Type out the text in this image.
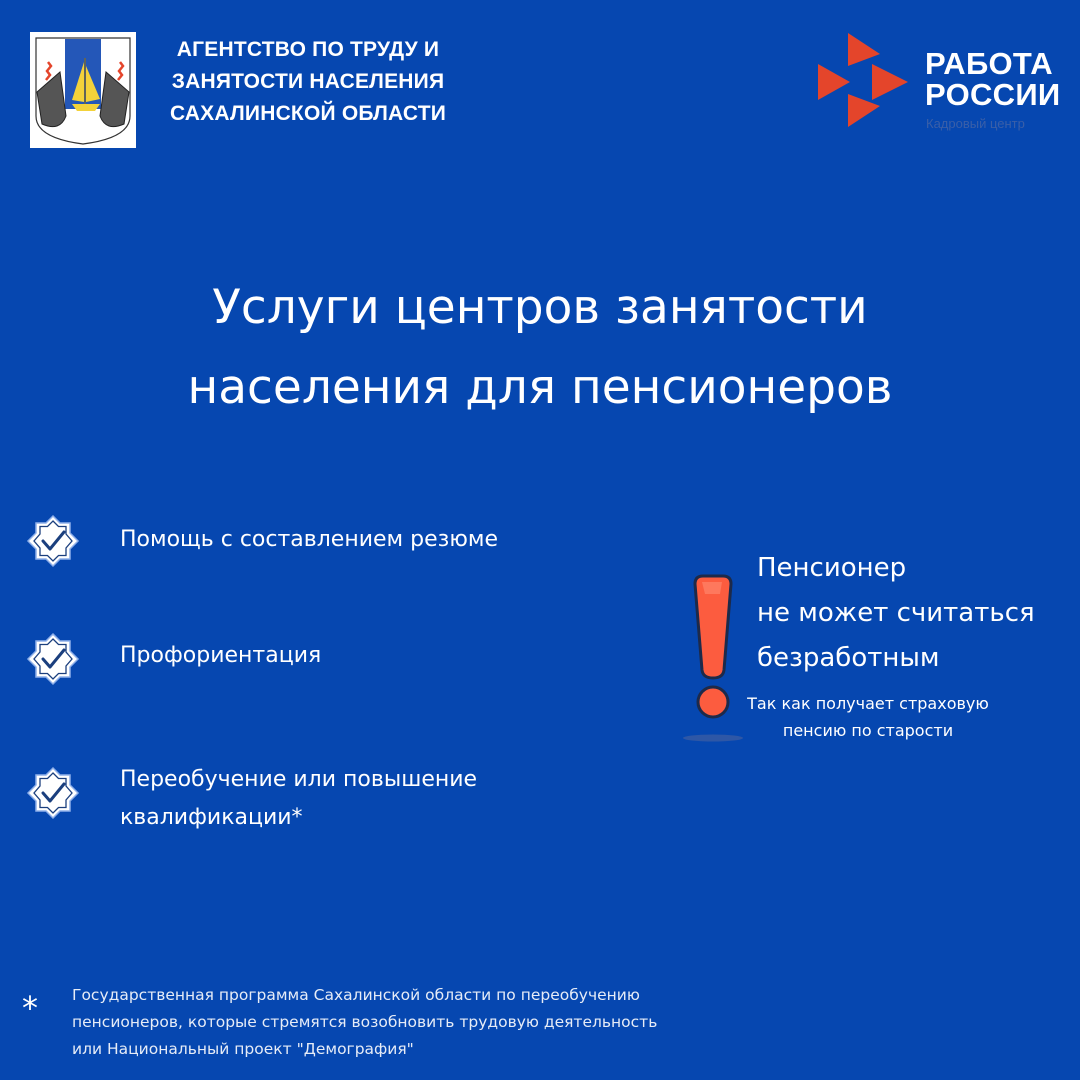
АГЕНТСТВО ПО ТРУДУ И
ЗАНЯТОСТИ НАСЕЛЕНИЯ
САХАЛИНСКОЙ ОБЛАСТИ
РАБОТА
РОССИИ
Кадровый центр
Услуги центров занятости
населения для пенсионеров
Помощь с составлением резюме
Профориентация
Переобучение или повышение
квалификации*
Пенсионер
не может считаться
безработным
Так как получает страховую
пенсию по старости
* Государственная программа Сахалинской области по переобучению
пенсионеров, которые стремятся возобновить трудовую деятельность
или Национальный проект "Демография"
